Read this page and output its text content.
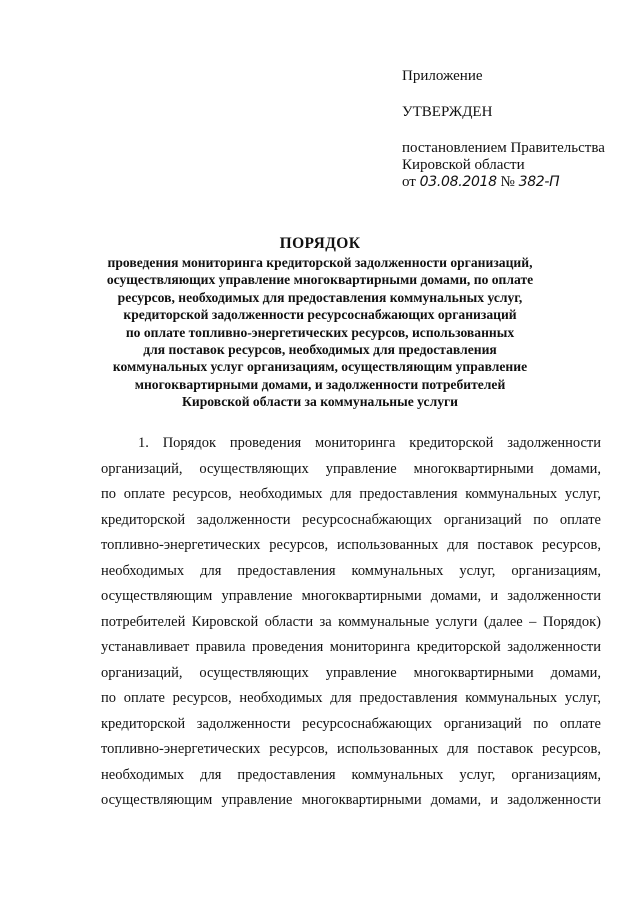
Приложение
УТВЕРЖДЕН
постановлением Правительства
Кировской области
от 03.08.2018 № 382-П
ПОРЯДОК
проведения мониторинга кредиторской задолженности организаций,
осуществляющих управление многоквартирными домами, по оплате
ресурсов, необходимых для предоставления коммунальных услуг,
кредиторской задолженности ресурсоснабжающих организаций
по оплате топливно-энергетических ресурсов, использованных
для поставок ресурсов, необходимых для предоставления
коммунальных услуг организациям, осуществляющим управление
многоквартирными домами, и задолженности потребителей
Кировской области за коммунальные услуги
1. Порядок проведения мониторинга кредиторской задолженности
организаций, осуществляющих управление многоквартирными домами,
по оплате ресурсов, необходимых для предоставления коммунальных услуг,
кредиторской задолженности ресурсоснабжающих организаций по оплате
топливно-энергетических ресурсов, использованных для поставок ресурсов,
необходимых для предоставления коммунальных услуг, организациям,
осуществляющим управление многоквартирными домами, и задолженности
потребителей Кировской области за коммунальные услуги (далее – Порядок)
устанавливает правила проведения мониторинга кредиторской задолженности
организаций, осуществляющих управление многоквартирными домами,
по оплате ресурсов, необходимых для предоставления коммунальных услуг,
кредиторской задолженности ресурсоснабжающих организаций по оплате
топливно-энергетических ресурсов, использованных для поставок ресурсов,
необходимых для предоставления коммунальных услуг, организациям,
осуществляющим управление многоквартирными домами, и задолженности
